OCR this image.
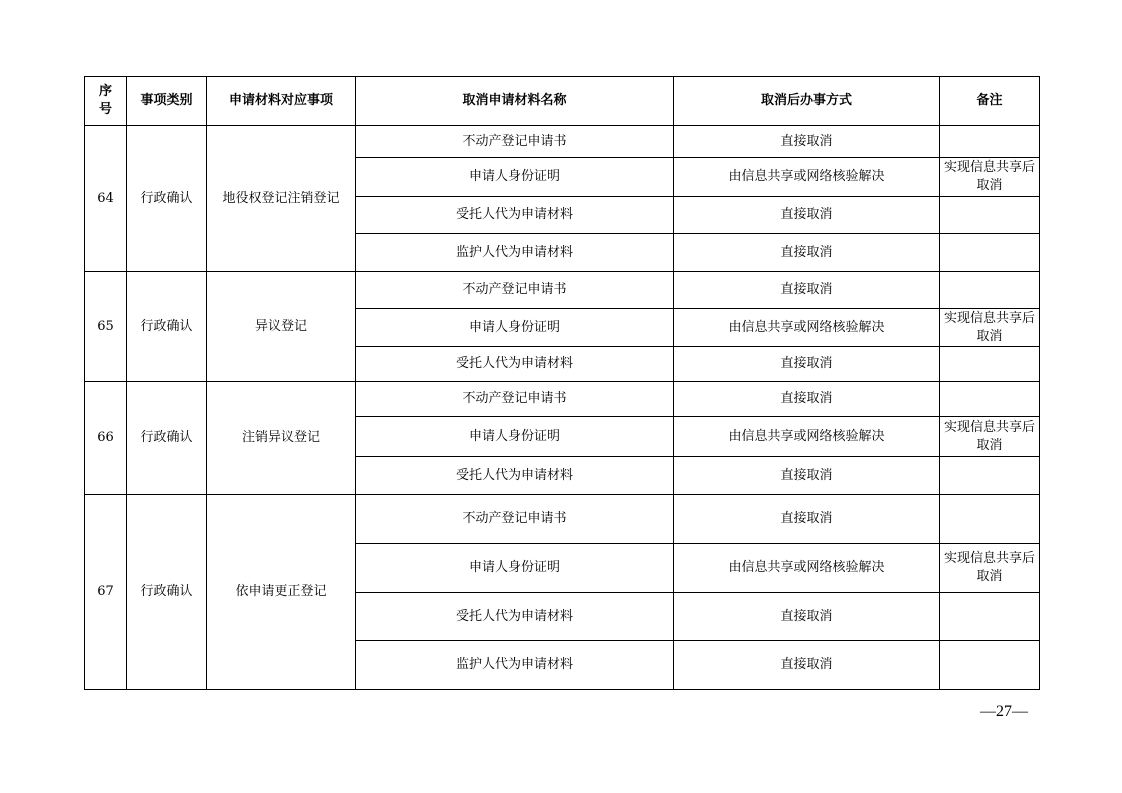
序号	事项类别	申请材料对应事项	取消申请材料名称	取消后办事方式	备注
64	行政确认	地役权登记注销登记	不动产登记申请书	直接取消	
			申请人身份证明	由信息共享或网络核验解决	实现信息共享后取消
			受托人代为申请材料	直接取消	
			监护人代为申请材料	直接取消	
65	行政确认	异议登记	不动产登记申请书	直接取消	
			申请人身份证明	由信息共享或网络核验解决	实现信息共享后取消
			受托人代为申请材料	直接取消	
66	行政确认	注销异议登记	不动产登记申请书	直接取消	
			申请人身份证明	由信息共享或网络核验解决	实现信息共享后取消
			受托人代为申请材料	直接取消	
67	行政确认	依申请更正登记	不动产登记申请书	直接取消	
			申请人身份证明	由信息共享或网络核验解决	实现信息共享后取消
			受托人代为申请材料	直接取消	
			监护人代为申请材料	直接取消	
—27—
